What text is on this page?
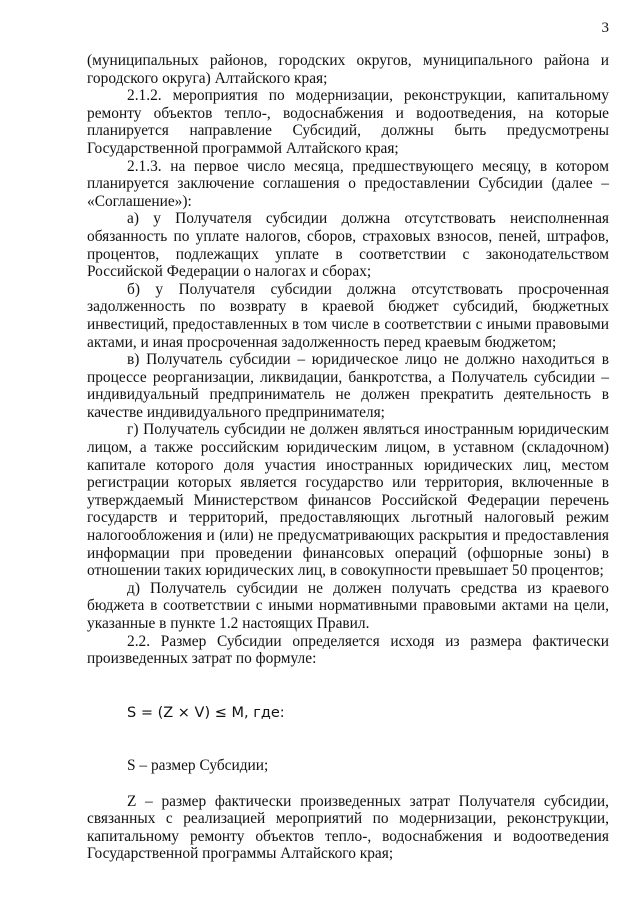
3

(муниципальных районов, городских округов, муниципального района и городского округа) Алтайского края;

2.1.2. мероприятия по модернизации, реконструкции, капитальному ремонту объектов тепло-, водоснабжения и водоотведения, на которые планируется направление Субсидий, должны быть предусмотрены Государственной программой Алтайского края;

2.1.3. на первое число месяца, предшествующего месяцу, в котором планируется заключение соглашения о предоставлении Субсидии (далее – «Соглашение»):

а) у Получателя субсидии должна отсутствовать неисполненная обязанность по уплате налогов, сборов, страховых взносов, пеней, штрафов, процентов, подлежащих уплате в соответствии с законодательством Российской Федерации о налогах и сборах;

б) у Получателя субсидии должна отсутствовать просроченная задолженность по возврату в краевой бюджет субсидий, бюджетных инвестиций, предоставленных в том числе в соответствии с иными правовыми актами, и иная просроченная задолженность перед краевым бюджетом;

в) Получатель субсидии – юридическое лицо не должно находиться в процессе реорганизации, ликвидации, банкротства, а Получатель субсидии – индивидуальный предприниматель не должен прекратить деятельность в качестве индивидуального предпринимателя;

г) Получатель субсидии не должен являться иностранным юридическим лицом, а также российским юридическим лицом, в уставном (складочном) капитале которого доля участия иностранных юридических лиц, местом регистрации которых является государство или территория, включенные в утверждаемый Министерством финансов Российской Федерации перечень государств и территорий, предоставляющих льготный налоговый режим налогообложения и (или) не предусматривающих раскрытия и предоставления информации при проведении финансовых операций (офшорные зоны) в отношении таких юридических лиц, в совокупности превышает 50 процентов;

д) Получатель субсидии не должен получать средства из краевого бюджета в соответствии с иными нормативными правовыми актами на цели, указанные в пункте 1.2 настоящих Правил.

2.2. Размер Субсидии определяется исходя из размера фактически произведенных затрат по формуле:

S = (Z × V) ≤ M, где:

S – размер Субсидии;

Z – размер фактически произведенных затрат Получателя субсидии, связанных с реализацией мероприятий по модернизации, реконструкции, капитальному ремонту объектов тепло-, водоснабжения и водоотведения Государственной программы Алтайского края;
